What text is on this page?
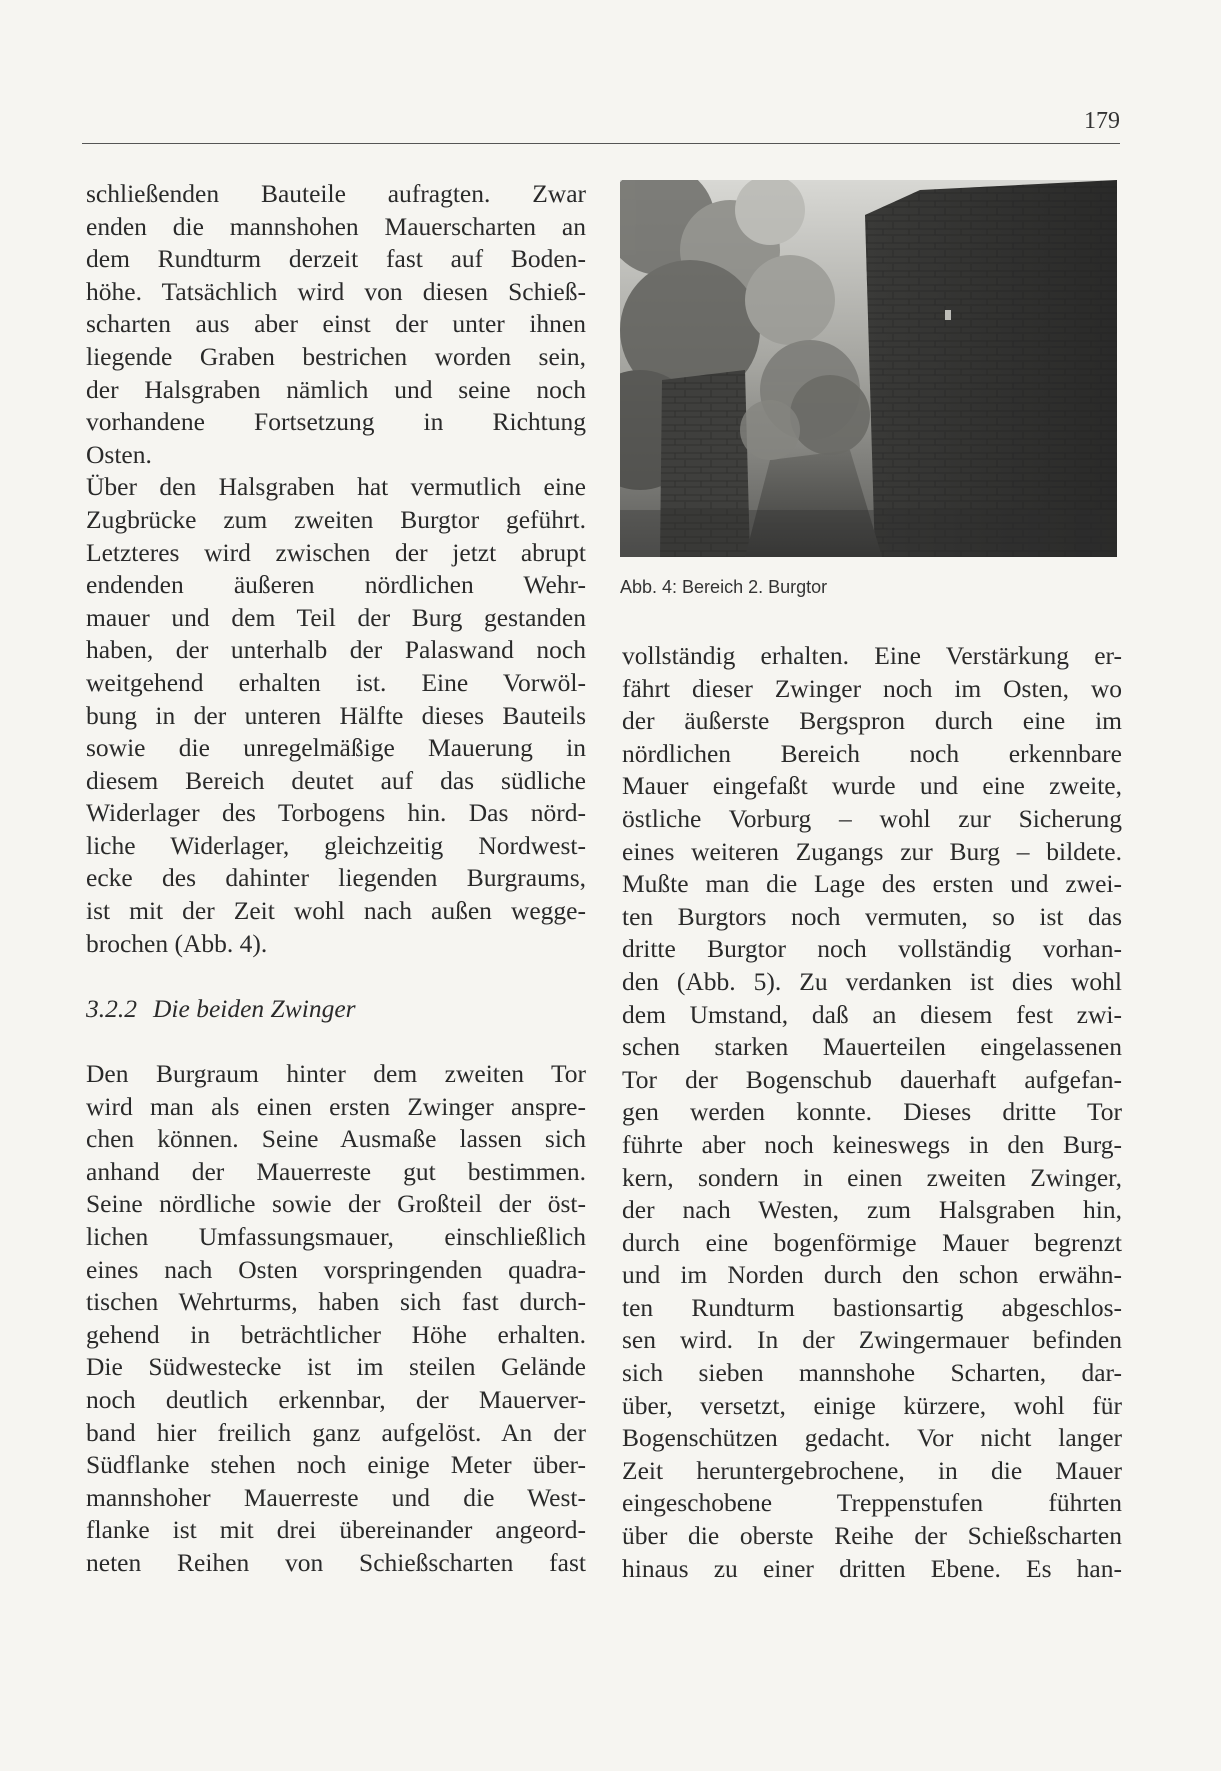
179
schließenden Bauteile aufragten. Zwar
enden die mannshohen Mauerscharten an
dem Rundturm derzeit fast auf Boden-
höhe. Tatsächlich wird von diesen Schieß-
scharten aus aber einst der unter ihnen
liegende Graben bestrichen worden sein,
der Halsgraben nämlich und seine noch
vorhandene Fortsetzung in Richtung
Osten.
Über den Halsgraben hat vermutlich eine
Zugbrücke zum zweiten Burgtor geführt.
Letzteres wird zwischen der jetzt abrupt
endenden äußeren nördlichen Wehr-
mauer und dem Teil der Burg gestanden
haben, der unterhalb der Palaswand noch
weitgehend erhalten ist. Eine Vorwöl-
bung in der unteren Hälfte dieses Bauteils
sowie die unregelmäßige Mauerung in
diesem Bereich deutet auf das südliche
Widerlager des Torbogens hin. Das nörd-
liche Widerlager, gleichzeitig Nordwest-
ecke des dahinter liegenden Burgraums,
ist mit der Zeit wohl nach außen wegge-
brochen (Abb. 4).
3.2.2 Die beiden Zwinger
Den Burgraum hinter dem zweiten Tor
wird man als einen ersten Zwinger anspre-
chen können. Seine Ausmaße lassen sich
anhand der Mauerreste gut bestimmen.
Seine nördliche sowie der Großteil der öst-
lichen Umfassungsmauer, einschließlich
eines nach Osten vorspringenden quadra-
tischen Wehrturms, haben sich fast durch-
gehend in beträchtlicher Höhe erhalten.
Die Südwestecke ist im steilen Gelände
noch deutlich erkennbar, der Mauerver-
band hier freilich ganz aufgelöst. An der
Südflanke stehen noch einige Meter über-
mannshoher Mauerreste und die West-
flanke ist mit drei übereinander angeord-
neten Reihen von Schießscharten fast
Abb. 4: Bereich 2. Burgtor
vollständig erhalten. Eine Verstärkung er-
fährt dieser Zwinger noch im Osten, wo
der äußerste Bergspron durch eine im
nördlichen Bereich noch erkennbare
Mauer eingefaßt wurde und eine zweite,
östliche Vorburg – wohl zur Sicherung
eines weiteren Zugangs zur Burg – bildete.
Mußte man die Lage des ersten und zwei-
ten Burgtors noch vermuten, so ist das
dritte Burgtor noch vollständig vorhan-
den (Abb. 5). Zu verdanken ist dies wohl
dem Umstand, daß an diesem fest zwi-
schen starken Mauerteilen eingelassenen
Tor der Bogenschub dauerhaft aufgefan-
gen werden konnte. Dieses dritte Tor
führte aber noch keineswegs in den Burg-
kern, sondern in einen zweiten Zwinger,
der nach Westen, zum Halsgraben hin,
durch eine bogenförmige Mauer begrenzt
und im Norden durch den schon erwähn-
ten Rundturm bastionsartig abgeschlos-
sen wird. In der Zwingermauer befinden
sich sieben mannshohe Scharten, dar-
über, versetzt, einige kürzere, wohl für
Bogenschützen gedacht. Vor nicht langer
Zeit heruntergebrochene, in die Mauer
eingeschobene Treppenstufen führten
über die oberste Reihe der Schießscharten
hinaus zu einer dritten Ebene. Es han-
